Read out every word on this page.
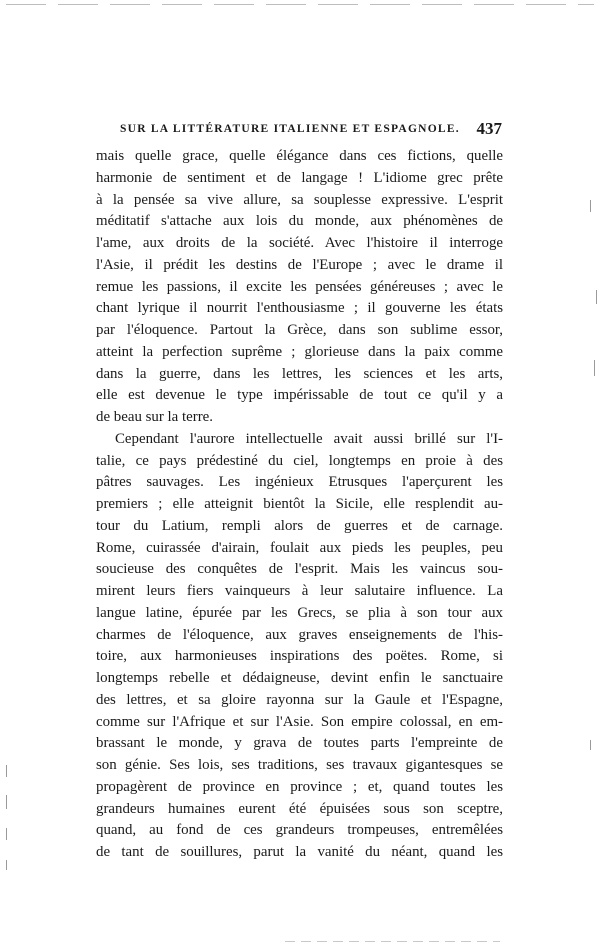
SUR LA LITTÉRATURE ITALIENNE ET ESPAGNOLE. 437
mais quelle grace, quelle élégance dans ces fictions, quelle
harmonie de sentiment et de langage ! L'idiome grec prête
à la pensée sa vive allure, sa souplesse expressive. L'esprit
méditatif s'attache aux lois du monde, aux phénomènes de
l'ame, aux droits de la société. Avec l'histoire il interroge
l'Asie, il prédit les destins de l'Europe ; avec le drame il
remue les passions, il excite les pensées généreuses ; avec le
chant lyrique il nourrit l'enthousiasme ; il gouverne les états
par l'éloquence. Partout la Grèce, dans son sublime essor,
atteint la perfection suprême ; glorieuse dans la paix comme
dans la guerre, dans les lettres, les sciences et les arts,
elle est devenue le type impérissable de tout ce qu'il y a
de beau sur la terre.
Cependant l'aurore intellectuelle avait aussi brillé sur l'I-
talie, ce pays prédestiné du ciel, longtemps en proie à des
pâtres sauvages. Les ingénieux Etrusques l'aperçurent les
premiers ; elle atteignit bientôt la Sicile, elle resplendit au-
tour du Latium, rempli alors de guerres et de carnage.
Rome, cuirassée d'airain, foulait aux pieds les peuples, peu
soucieuse des conquêtes de l'esprit. Mais les vaincus sou-
mirent leurs fiers vainqueurs à leur salutaire influence. La
langue latine, épurée par les Grecs, se plia à son tour aux
charmes de l'éloquence, aux graves enseignements de l'his-
toire, aux harmonieuses inspirations des poëtes. Rome, si
longtemps rebelle et dédaigneuse, devint enfin le sanctuaire
des lettres, et sa gloire rayonna sur la Gaule et l'Espagne,
comme sur l'Afrique et sur l'Asie. Son empire colossal, en em-
brassant le monde, y grava de toutes parts l'empreinte de
son génie. Ses lois, ses traditions, ses travaux gigantesques se
propagèrent de province en province ; et, quand toutes les
grandeurs humaines eurent été épuisées sous son sceptre,
quand, au fond de ces grandeurs trompeuses, entremêlées
de tant de souillures, parut la vanité du néant, quand les
